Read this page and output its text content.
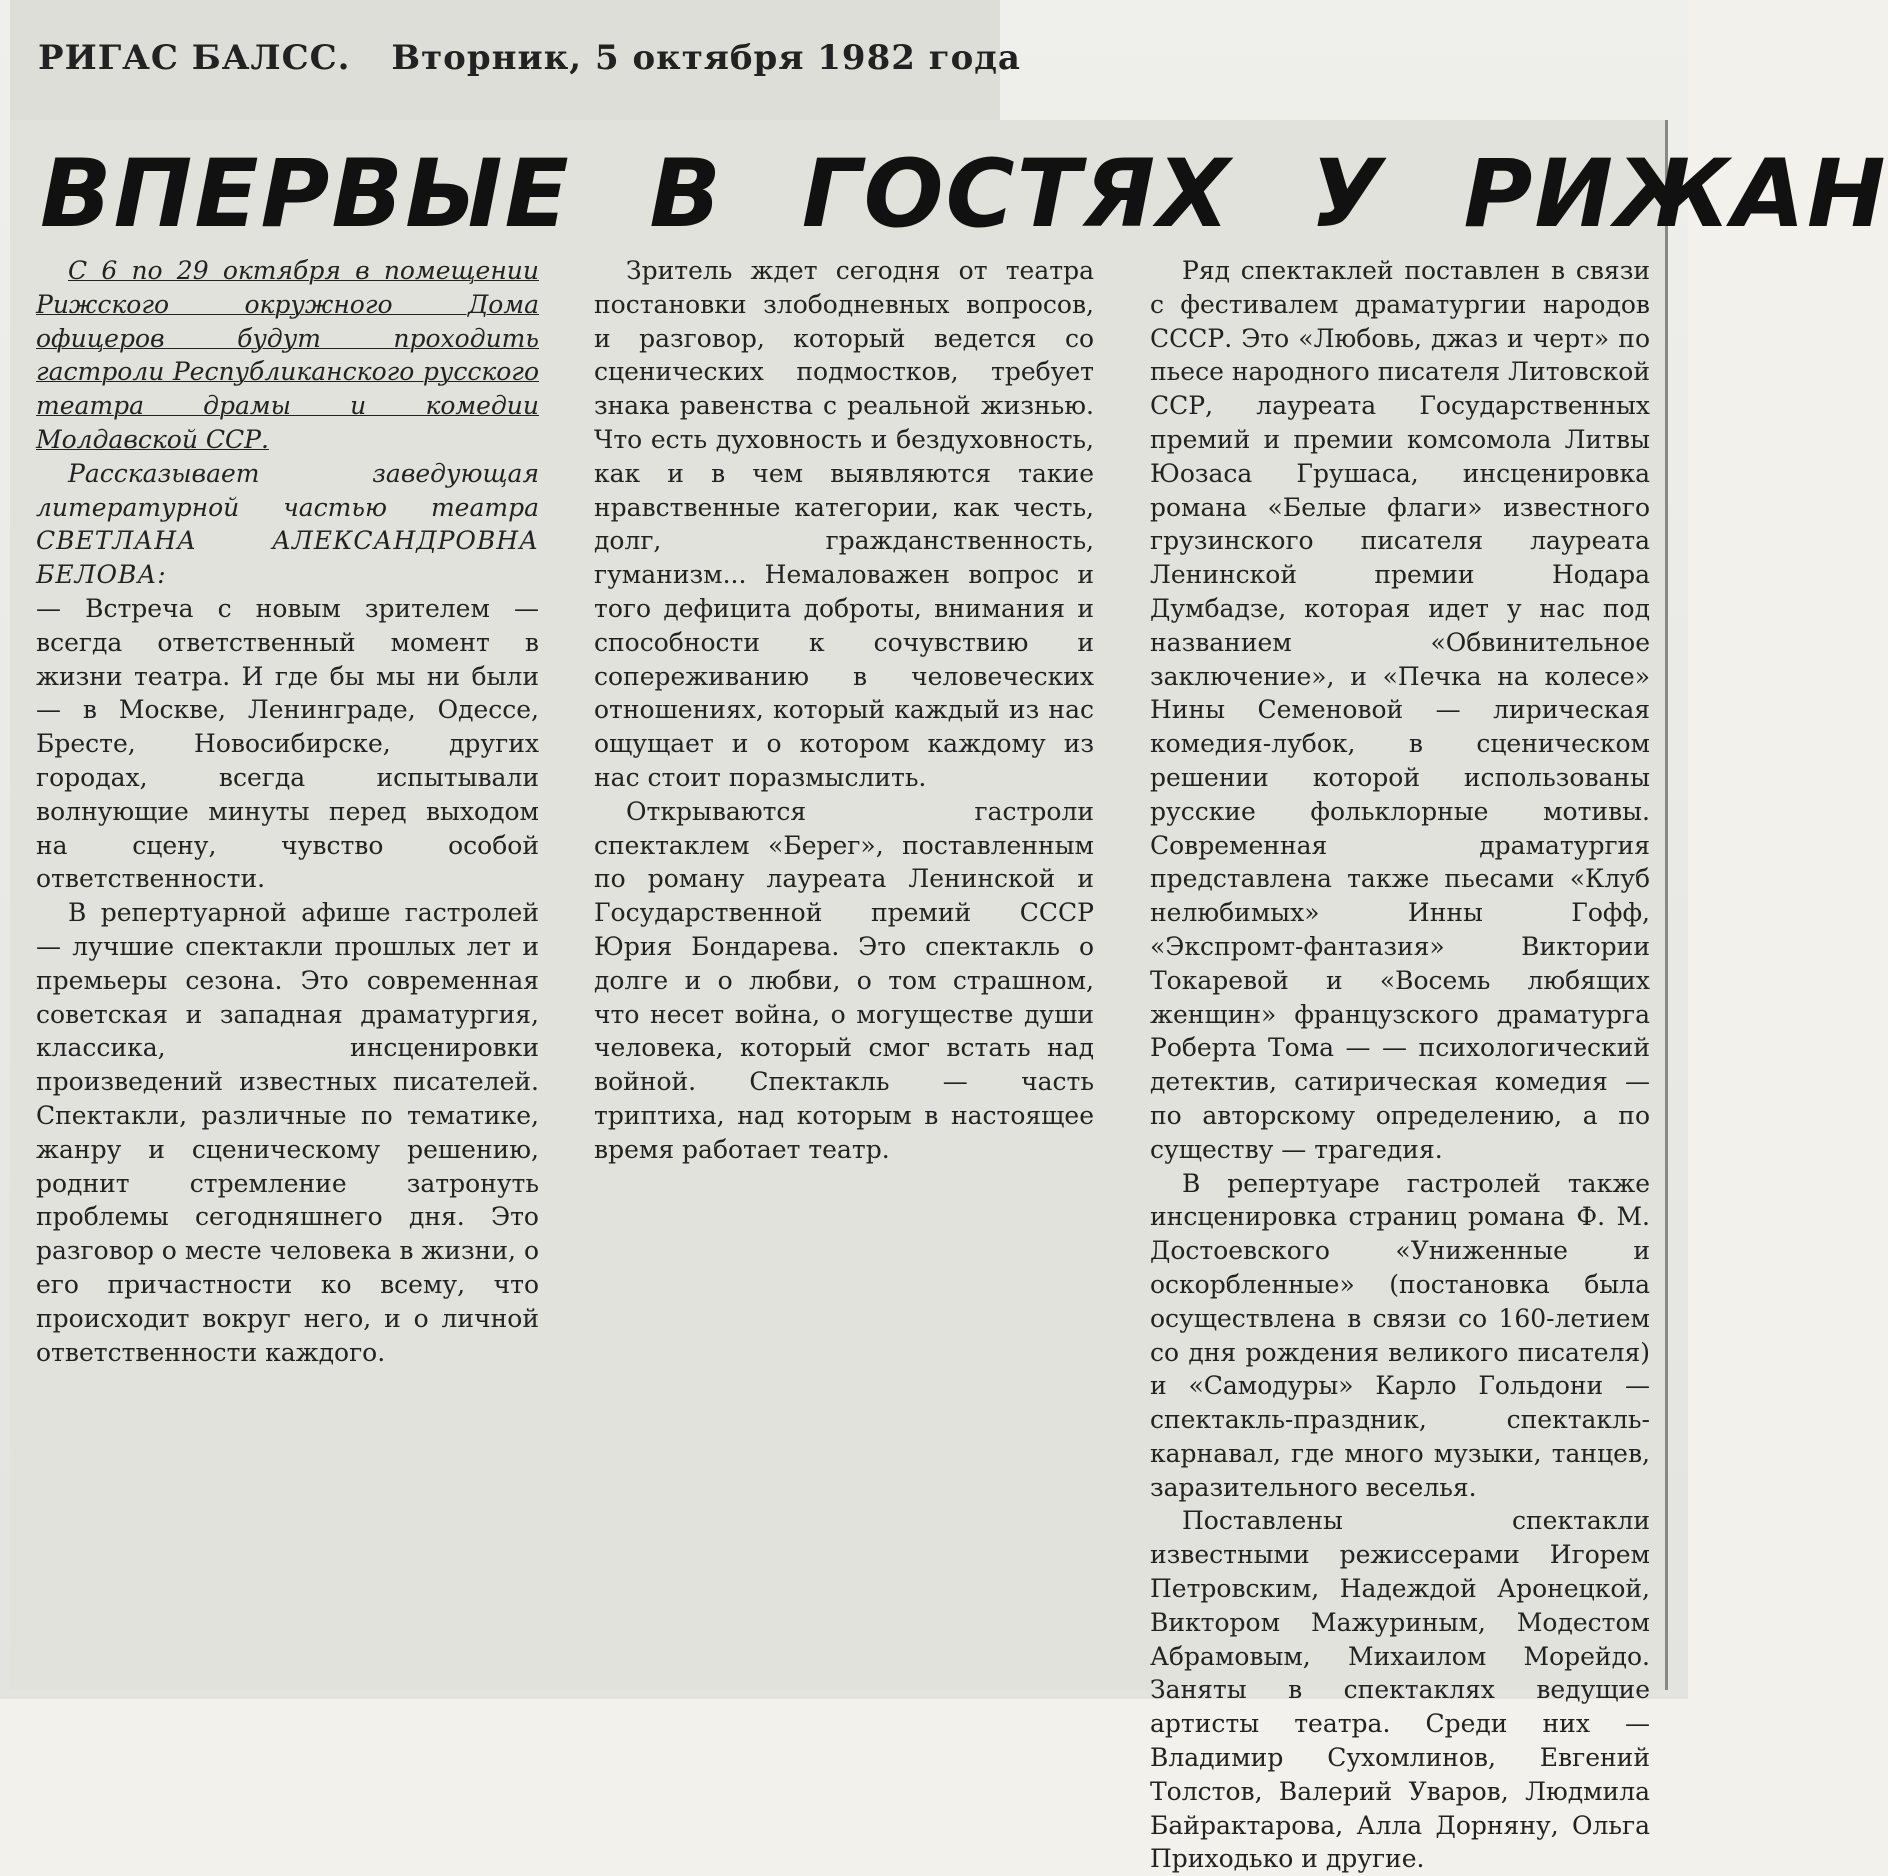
РИГАС БАЛСС. Вторник, 5 октября 1982 года
ВПЕРВЫЕ В ГОСТЯХ У РИЖАН

С 6 по 29 октября в помещении Рижского окружного Дома офицеров будут проходить гастроли Республиканского русского театра драмы и комедии Молдавской ССР.

Рассказывает заведующая литературной частью театра СВЕТЛАНА АЛЕКСАНДРОВНА БЕЛОВА:

— Встреча с новым зрителем — всегда ответственный момент в жизни театра. И где бы мы ни были — в Москве, Ленинграде, Одессе, Бресте, Новосибирске, других городах, всегда испытывали волнующие минуты перед выходом на сцену, чувство особой ответственности.

В репертуарной афише гастролей — лучшие спектакли прошлых лет и премьеры сезона. Это современная советская и западная драматургия, классика, инсценировки произведений известных писателей. Спектакли, различные по тематике, жанру и сценическому решению, роднит стремление затронуть проблемы сегодняшнего дня. Это разговор о месте человека в жизни, о его причастности ко всему, что происходит вокруг него, и о личной ответственности каждого.

Зритель ждет сегодня от театра постановки злободневных вопросов, и разговор, который ведется со сценических подмостков, требует знака равенства с реальной жизнью. Что есть духовность и бездуховность, как и в чем выявляются такие нравственные категории, как честь, долг, гражданственность, гуманизм... Немаловажен вопрос и того дефицита доброты, внимания и способности к сочувствию и сопереживанию в человеческих отношениях, который каждый из нас ощущает и о котором каждому из нас стоит поразмыслить.

Открываются гастроли спектаклем «Берег», поставленным по роману лауреата Ленинской и Государственной премий СССР Юрия Бондарева. Это спектакль о долге и о любви, о том страшном, что несет война, о могуществе души человека, который смог встать над войной. Спектакль — часть триптиха, над которым в настоящее время работает театр.

Ряд спектаклей поставлен в связи с фестивалем драматургии народов СССР. Это «Любовь, джаз и черт» по пьесе народного писателя Литовской ССР, лауреата Государственных премий и премии комсомола Литвы Юозаса Грушаса, инсценировка романа «Белые флаги» известного грузинского писателя лауреата Ленинской премии Нодара Думбадзе, которая идет у нас под названием «Обвинительное заключение», и «Печка на колесе» Нины Семеновой — лирическая комедия-лубок, в сценическом решении которой использованы русские фольклорные мотивы. Современная драматургия представлена также пьесами «Клуб нелюбимых» Инны Гофф, «Экспромт-фантазия» Виктории Токаревой и «Восемь любящих женщин» французского драматурга Роберта Тома — — психологический детектив, сатирическая комедия — по авторскому определению, а по существу — трагедия.

В репертуаре гастролей также инсценировка страниц романа Ф. М. Достоевского «Униженные и оскорбленные» (постановка была осуществлена в связи со 160-летием со дня рождения великого писателя) и «Самодуры» Карло Гольдони — спектакль-праздник, спектакль-карнавал, где много музыки, танцев, заразительного веселья.

Поставлены спектакли известными режиссерами Игорем Петровским, Надеждой Аронецкой, Виктором Мажуриным, Модестом Абрамовым, Михаилом Морейдо. Заняты в спектаклях ведущие артисты театра. Среди них — Владимир Сухомлинов, Евгений Толстов, Валерий Уваров, Людмила Байрактарова, Алла Дорняну, Ольга Приходько и другие.
